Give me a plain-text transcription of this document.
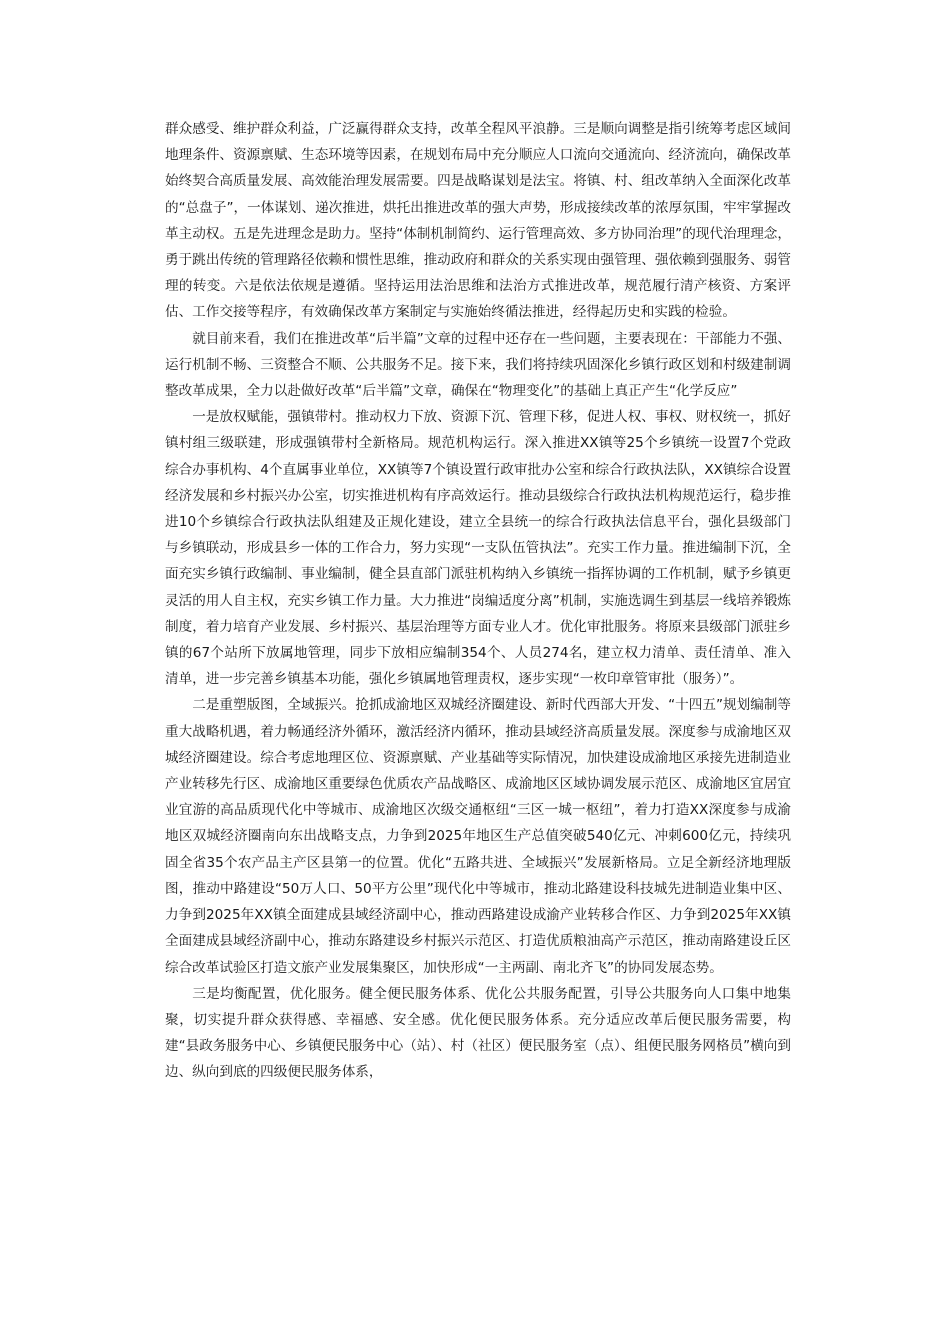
群众感受、维护群众利益，广泛赢得群众支持，改革全程风平浪静。三是顺向调整是指引统筹考虑区域间地理条件、资源禀赋、生态环境等因素，在规划布局中充分顺应人口流向交通流向、经济流向，确保改革始终契合高质量发展、高效能治理发展需要。四是战略谋划是法宝。将镇、村、组改革纳入全面深化改革的“总盘子”，一体谋划、递次推进，烘托出推进改革的强大声势，形成接续改革的浓厚氛围，牢牢掌握改革主动权。五是先进理念是助力。坚持“体制机制简约、运行管理高效、多方协同治理”的现代治理理念，勇于跳出传统的管理路径依赖和惯性思维，推动政府和群众的关系实现由强管理、强依赖到强服务、弱管理的转变。六是依法依规是遵循。坚持运用法治思维和法治方式推进改革，规范履行清产核资、方案评估、工作交接等程序，有效确保改革方案制定与实施始终循法推进，经得起历史和实践的检验。

就目前来看，我们在推进改革“后半篇”文章的过程中还存在一些问题，主要表现在：干部能力不强、运行机制不畅、三资整合不顺、公共服务不足。接下来，我们将持续巩固深化乡镇行政区划和村级建制调整改革成果，全力以赴做好改革“后半篇”文章，确保在“物理变化”的基础上真正产生“化学反应”

一是放权赋能，强镇带村。推动权力下放、资源下沉、管理下移，促进人权、事权、财权统一，抓好镇村组三级联建，形成强镇带村全新格局。规范机构运行。深入推进XX镇等25个乡镇统一设置7个党政综合办事机构、4个直属事业单位，XX镇等7个镇设置行政审批办公室和综合行政执法队，XX镇综合设置经济发展和乡村振兴办公室，切实推进机构有序高效运行。推动县级综合行政执法机构规范运行，稳步推进10个乡镇综合行政执法队组建及正规化建设，建立全县统一的综合行政执法信息平台，强化县级部门与乡镇联动，形成县乡一体的工作合力，努力实现“一支队伍管执法”。充实工作力量。推进编制下沉，全面充实乡镇行政编制、事业编制，健全县直部门派驻机构纳入乡镇统一指挥协调的工作机制，赋予乡镇更灵活的用人自主权，充实乡镇工作力量。大力推进“岗编适度分离”机制，实施选调生到基层一线培养锻炼制度，着力培育产业发展、乡村振兴、基层治理等方面专业人才。优化审批服务。将原来县级部门派驻乡镇的67个站所下放属地管理，同步下放相应编制354个、人员274名，建立权力清单、责任清单、准入清单，进一步完善乡镇基本功能，强化乡镇属地管理责权，逐步实现“一枚印章管审批（服务）”。

二是重塑版图，全域振兴。抢抓成渝地区双城经济圈建设、新时代西部大开发、“十四五”规划编制等重大战略机遇，着力畅通经济外循环，激活经济内循环，推动县域经济高质量发展。深度参与成渝地区双城经济圈建设。综合考虑地理区位、资源禀赋、产业基础等实际情况，加快建设成渝地区承接先进制造业产业转移先行区、成渝地区重要绿色优质农产品战略区、成渝地区区域协调发展示范区、成渝地区宜居宜业宜游的高品质现代化中等城市、成渝地区次级交通枢纽“三区一城一枢纽”，着力打造XX深度参与成渝地区双城经济圈南向东出战略支点，力争到2025年地区生产总值突破540亿元、冲刺600亿元，持续巩固全省35个农产品主产区县第一的位置。优化“五路共进、全域振兴”发展新格局。立足全新经济地理版图，推动中路建设“50万人口、50平方公里”现代化中等城市，推动北路建设科技城先进制造业集中区、力争到2025年XX镇全面建成县域经济副中心，推动西路建设成渝产业转移合作区、力争到2025年XX镇全面建成县域经济副中心，推动东路建设乡村振兴示范区、打造优质粮油高产示范区，推动南路建设丘区综合改革试验区打造文旅产业发展集聚区，加快形成“一主两副、南北齐飞”的协同发展态势。

三是均衡配置，优化服务。健全便民服务体系、优化公共服务配置，引导公共服务向人口集中地集聚，切实提升群众获得感、幸福感、安全感。优化便民服务体系。充分适应改革后便民服务需要，构建“县政务服务中心、乡镇便民服务中心（站）、村（社区）便民服务室（点）、组便民服务网格员”横向到边、纵向到底的四级便民服务体系，
